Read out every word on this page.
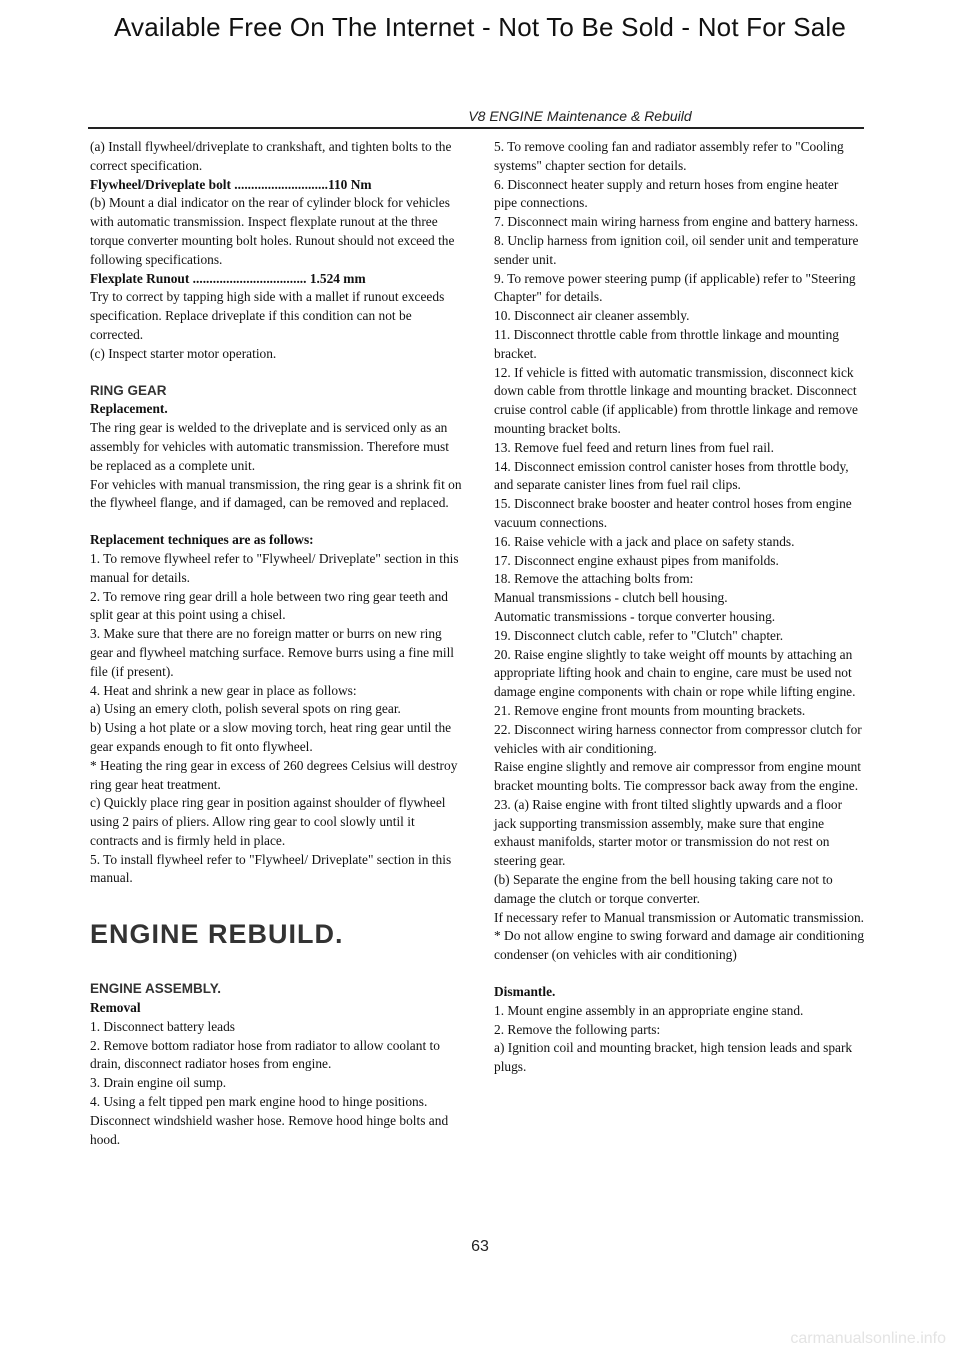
Available Free On The Internet - Not To Be Sold - Not For Sale
V8 ENGINE Maintenance & Rebuild

(a) Install flywheel/driveplate to crankshaft, and tighten bolts to the correct specification.

Flywheel/Driveplate bolt ............................110 Nm

(b) Mount a dial indicator on the rear of cylinder block for vehicles with automatic transmission. Inspect flexplate runout at the three torque converter mounting bolt holes. Runout should not exceed the following specifications.

Flexplate Runout .................................. 1.524 mm

Try to correct by tapping high side with a mallet if runout exceeds specification. Replace driveplate if this condition can not be corrected.

(c) Inspect starter motor operation.

RING GEAR

Replacement.

The ring gear is welded to the driveplate and is serviced only as an assembly for vehicles with automatic transmission. Therefore must be replaced as a complete unit.

For vehicles with manual transmission, the ring gear is a shrink fit on the flywheel flange, and if damaged, can be removed and replaced.

Replacement techniques are as follows:

1. To remove flywheel refer to "Flywheel/ Driveplate" section in this manual for details.

2. To remove ring gear drill a hole between two ring gear teeth and split gear at this point using a chisel.

3. Make sure that there are no foreign matter or burrs on new ring gear and flywheel matching surface. Remove burrs using a fine mill file (if present).

4. Heat and shrink a new gear in place as follows:

a) Using an emery cloth, polish several spots on ring gear.

b) Using a hot plate or a slow moving torch, heat ring gear until the gear expands enough to fit onto flywheel.

* Heating the ring gear in excess of 260 degrees Celsius will destroy ring gear heat treatment.

c) Quickly place ring gear in position against shoulder of flywheel using 2 pairs of pliers. Allow ring gear to cool slowly until it contracts and is firmly held in place.

5. To install flywheel refer to "Flywheel/ Driveplate" section in this manual.

ENGINE REBUILD.

ENGINE ASSEMBLY.

Removal

1. Disconnect battery leads

2. Remove bottom radiator hose from radiator to allow coolant to drain, disconnect radiator hoses from engine.

3. Drain engine oil sump.

4. Using a felt tipped pen mark engine hood to hinge positions. Disconnect windshield washer hose. Remove hood hinge bolts and hood.

5. To remove cooling fan and radiator assembly refer to "Cooling systems" chapter section for details.

6. Disconnect heater supply and return hoses from engine heater pipe connections.

7. Disconnect main wiring harness from engine and battery harness.

8. Unclip harness from ignition coil, oil sender unit and temperature sender unit.

9. To remove power steering pump (if applicable) refer to "Steering Chapter" for details.

10. Disconnect air cleaner assembly.

11. Disconnect throttle cable from throttle linkage and mounting bracket.

12. If vehicle is fitted with automatic transmission, disconnect kick down cable from throttle linkage and mounting bracket. Disconnect cruise control cable (if applicable) from throttle linkage and remove mounting bracket bolts.

13. Remove fuel feed and return lines from fuel rail.

14. Disconnect emission control canister hoses from throttle body, and separate canister lines from fuel rail clips.

15. Disconnect brake booster and heater control hoses from engine vacuum connections.

16. Raise vehicle with a jack and place on safety stands.

17. Disconnect engine exhaust pipes from manifolds.

18. Remove the attaching bolts from:

Manual transmissions - clutch bell housing.

Automatic transmissions - torque converter housing.

19. Disconnect clutch cable, refer to "Clutch" chapter.

20. Raise engine slightly to take weight off mounts by attaching an appropriate lifting hook and chain to engine, care must be used not damage engine components with chain or rope while lifting engine.

21. Remove engine front mounts from mounting brackets.

22. Disconnect wiring harness connector from compressor clutch for vehicles with air conditioning.

Raise engine slightly and remove air compressor from engine mount bracket mounting bolts. Tie compressor back away from the engine.

23. (a) Raise engine with front tilted slightly upwards and a floor jack supporting transmission assembly, make sure that engine exhaust manifolds, starter motor or transmission do not rest on steering gear.

(b) Separate the engine from the bell housing taking care not to damage the clutch or torque converter.

If necessary refer to Manual transmission or Automatic transmission.

* Do not allow engine to swing forward and damage air conditioning condenser (on vehicles with air conditioning)

Dismantle.

1. Mount engine assembly in an appropriate engine stand.

2. Remove the following parts:

a) Ignition coil and mounting bracket, high tension leads and spark plugs.

63
carmanualsonline.info
